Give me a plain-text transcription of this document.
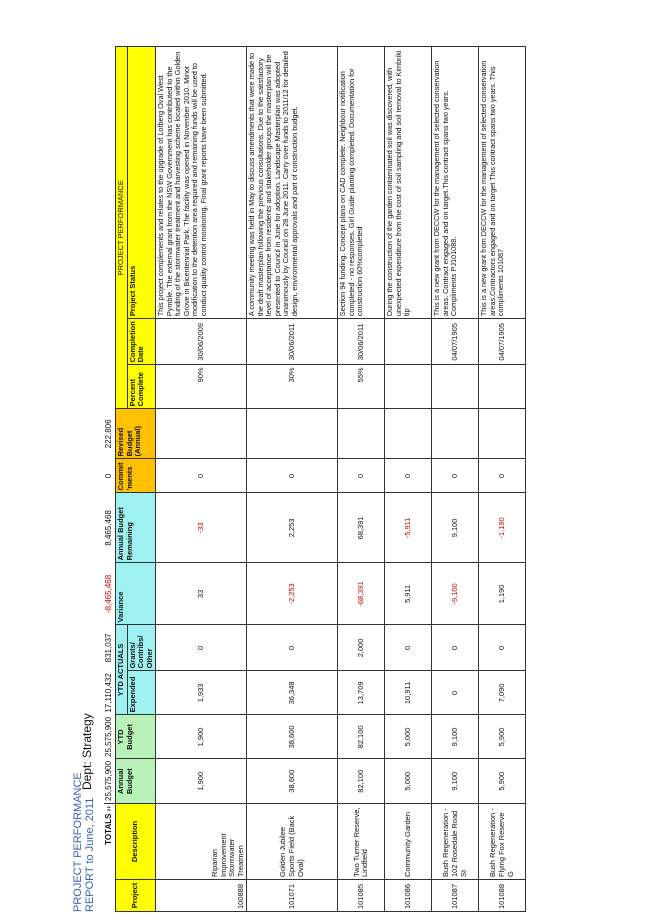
PROJECT PERFORMANCE REPORT to June, 2011
Dept: Strategy
	TOTALS ››	25,575,900	25,575,900	17,110,432	831,037	-8,465,468	8,465,468	0	222,806				
Project	Description	Annual Budget	YTD Budget	YTD ACTUALS		Variance	Annual Budget Remaining	Commit 'ments	Revised Budget (Annual)	PROJECT PERFORMANCE			
				Expended	Grants/ Contribs/ Other					Percent Complete	Completion Date	Project Status	
100888	Riparian Improvement Stormwater Treatmen	1,900	1,900	1,933	0	33	-33	0		90%	30/06/2009	This project complements and relates to the upgrade of Lofberg Oval West Pymble. The external grant from the NSW Government has contributed to the funding of the stormwater treatment and harvesting scheme located within Golden Grove in Bicentennial Park. The facility was opened in November 2010. Minor modification to the detention area required and remaining funds will be used to conduct quality control monitoring. Final grant reports have been submitted.	
101071	Golden Jubilee Sports Field (Back Oval)	38,600	38,600	36,348	0	-2,253	2,253	0		30%	30/06/2011	A community meeting was held in May to discuss amendments that were made to the draft masterplan following the previous consultations. Due to the satisfactory level of acceptance from residents and stakeholder groups the masterplan will be presented to Council in June for adoption. Landscape Masterplan was adopted unanimously by Council on 28 June 2011. Carry over funds to 2011/12 for detailed design, environmental approvals and part of construction budget.	
101085	Two Turner Reserve, Lindfield	82,100	82,100	13,709	2,000	-68,391	68,391	0		55%	30/06/2011	Section 94 funding. Concept plans on CAD complete. Neighbour notification completed - no responses. Girl Guide planting completed. Documentation for construction 60%completed	
101086	Community Garden	5,000	5,000	10,911	0	5,911	-5,911	0				During the construction of the garden contaminated soil was discovered, with unexpected expenditure from the cost of soil sampling and soil removal to Kimbriki tip	
101087	Bush Regeneration - 102 Rosedale Road St	9,100	9,100	0	0	-9,100	9,100	0			04/07/1905	This is a new grant from DECCW for the management of selected conservation areas. Contract engaged and on target.This contract spans two years. Compliments PJ101088.	
101088	Bush Regeneration - Flying Fox Reserve G	5,900	5,900	7,090	0	1,190	-1,190	0			04/07/1905	This is a new grant from DECCW for the management of selected conservation areas.Contractors engaged and on target This contract spans two years. This compliments 101087	
